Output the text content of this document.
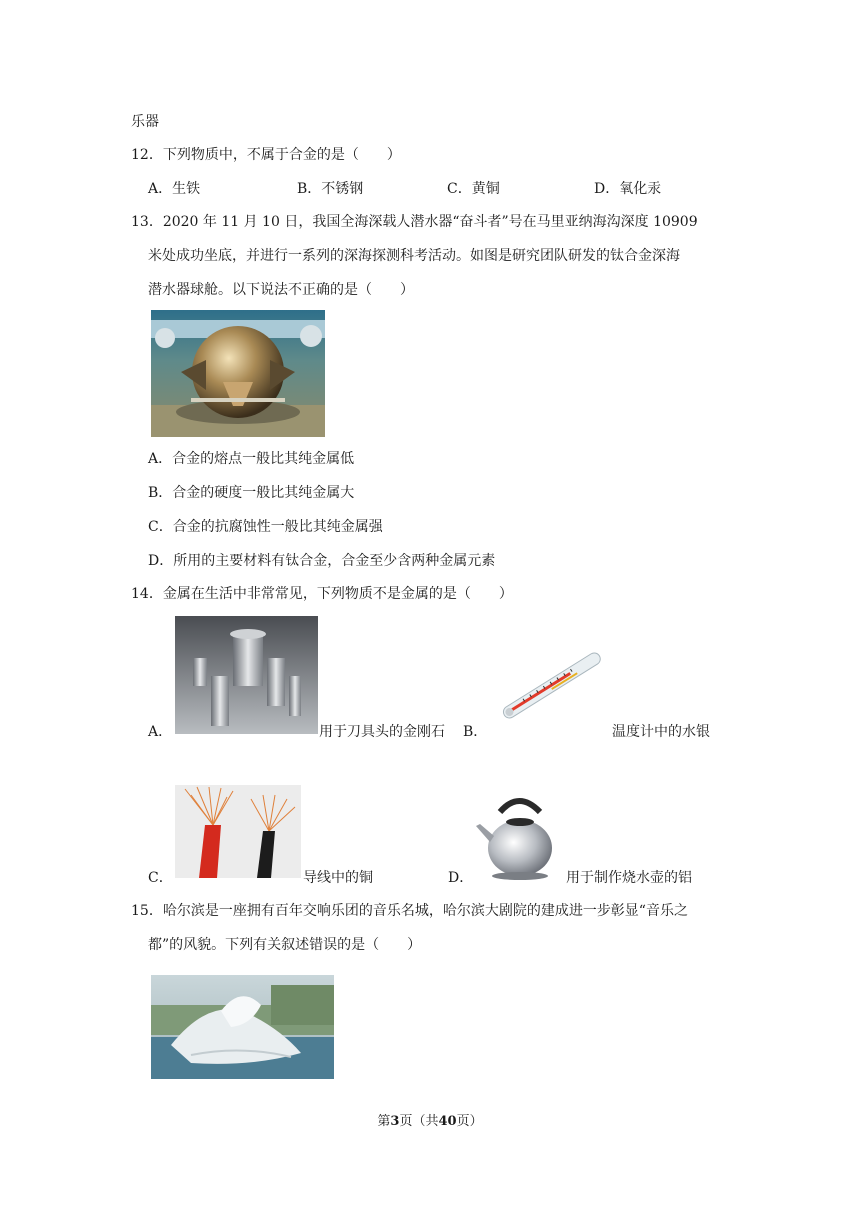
乐器
12．下列物质中，不属于合金的是（　　）
A．生铁	B．不锈钢	C．黄铜	D．氧化汞
13．2020 年 11 月 10 日，我国全海深载人潜水器“奋斗者”号在马里亚纳海沟深度 10909
米处成功坐底，并进行一系列的深海探测科考活动。如图是研究团队研发的钛合金深海
潜水器球舱。以下说法不正确的是（　　）
A．合金的熔点一般比其纯金属低
B．合金的硬度一般比其纯金属大
C．合金的抗腐蚀性一般比其纯金属强
D．所用的主要材料有钛合金，合金至少含两种金属元素
14．金属在生活中非常常见，下列物质不是金属的是（　　）
A．	用于刀具头的金刚石 B．	温度计中的水银
C．	导线中的铜	D．	用于制作烧水壶的铝
15．哈尔滨是一座拥有百年交响乐团的音乐名城，哈尔滨大剧院的建成进一步彰显“音乐之
都”的风貌。下列有关叙述错误的是（　　）
第3页（共40页）
